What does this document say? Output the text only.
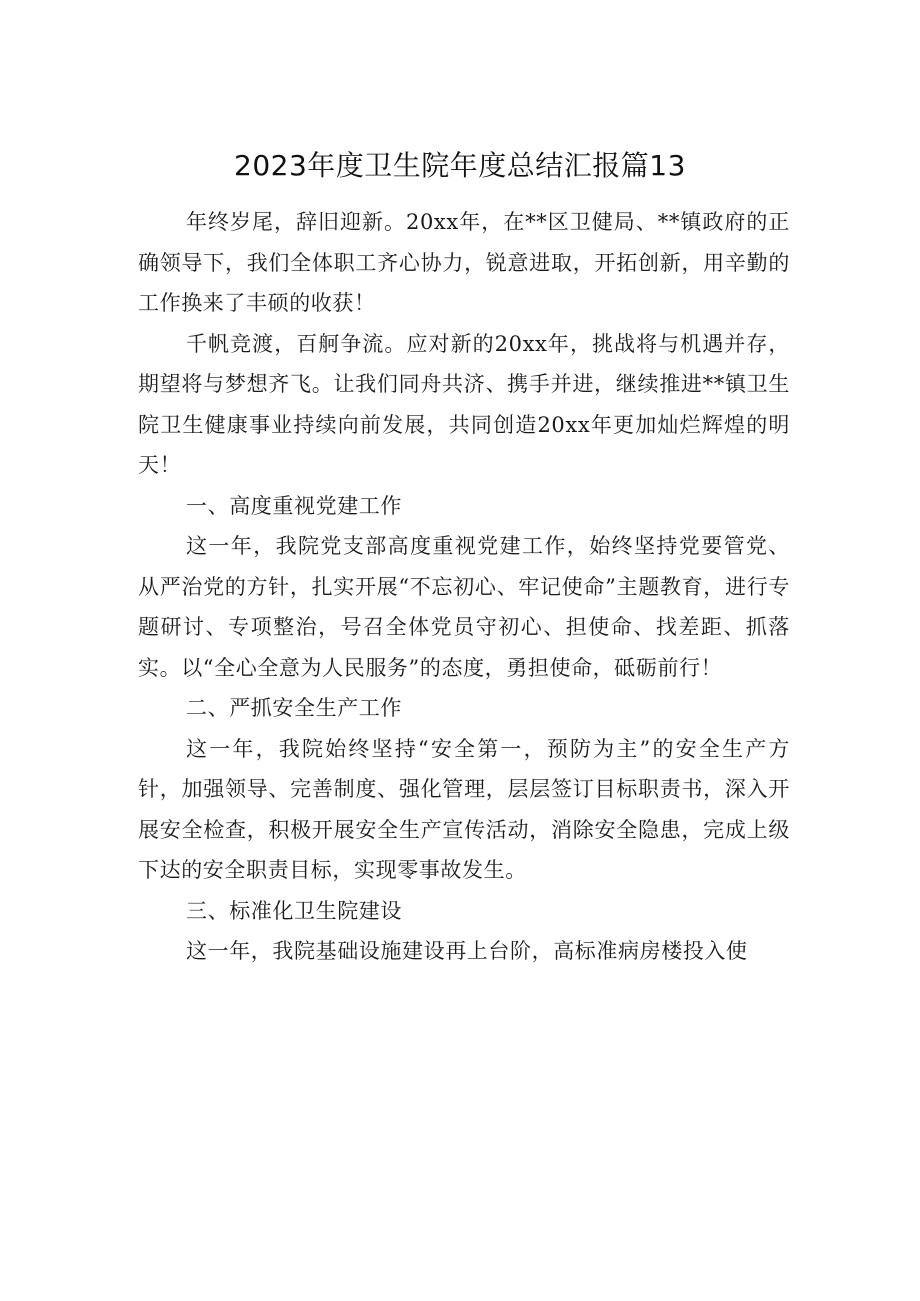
2023年度卫生院年度总结汇报篇13

年终岁尾，辞旧迎新。20xx年，在**区卫健局、**镇政府的正确领导下，我们全体职工齐心协力，锐意进取，开拓创新，用辛勤的工作换来了丰硕的收获！

千帆竞渡，百舸争流。应对新的20xx年，挑战将与机遇并存，期望将与梦想齐飞。让我们同舟共济、携手并进，继续推进**镇卫生院卫生健康事业持续向前发展，共同创造20xx年更加灿烂辉煌的明天！

一、高度重视党建工作

这一年，我院党支部高度重视党建工作，始终坚持党要管党、从严治党的方针，扎实开展“不忘初心、牢记使命”主题教育，进行专题研讨、专项整治，号召全体党员守初心、担使命、找差距、抓落实。以“全心全意为人民服务”的态度，勇担使命，砥砺前行！

二、严抓安全生产工作

这一年，我院始终坚持“安全第一，预防为主”的安全生产方针，加强领导、完善制度、强化管理，层层签订目标职责书，深入开展安全检查，积极开展安全生产宣传活动，消除安全隐患，完成上级下达的安全职责目标，实现零事故发生。

三、标准化卫生院建设

这一年，我院基础设施建设再上台阶，高标准病房楼投入使
